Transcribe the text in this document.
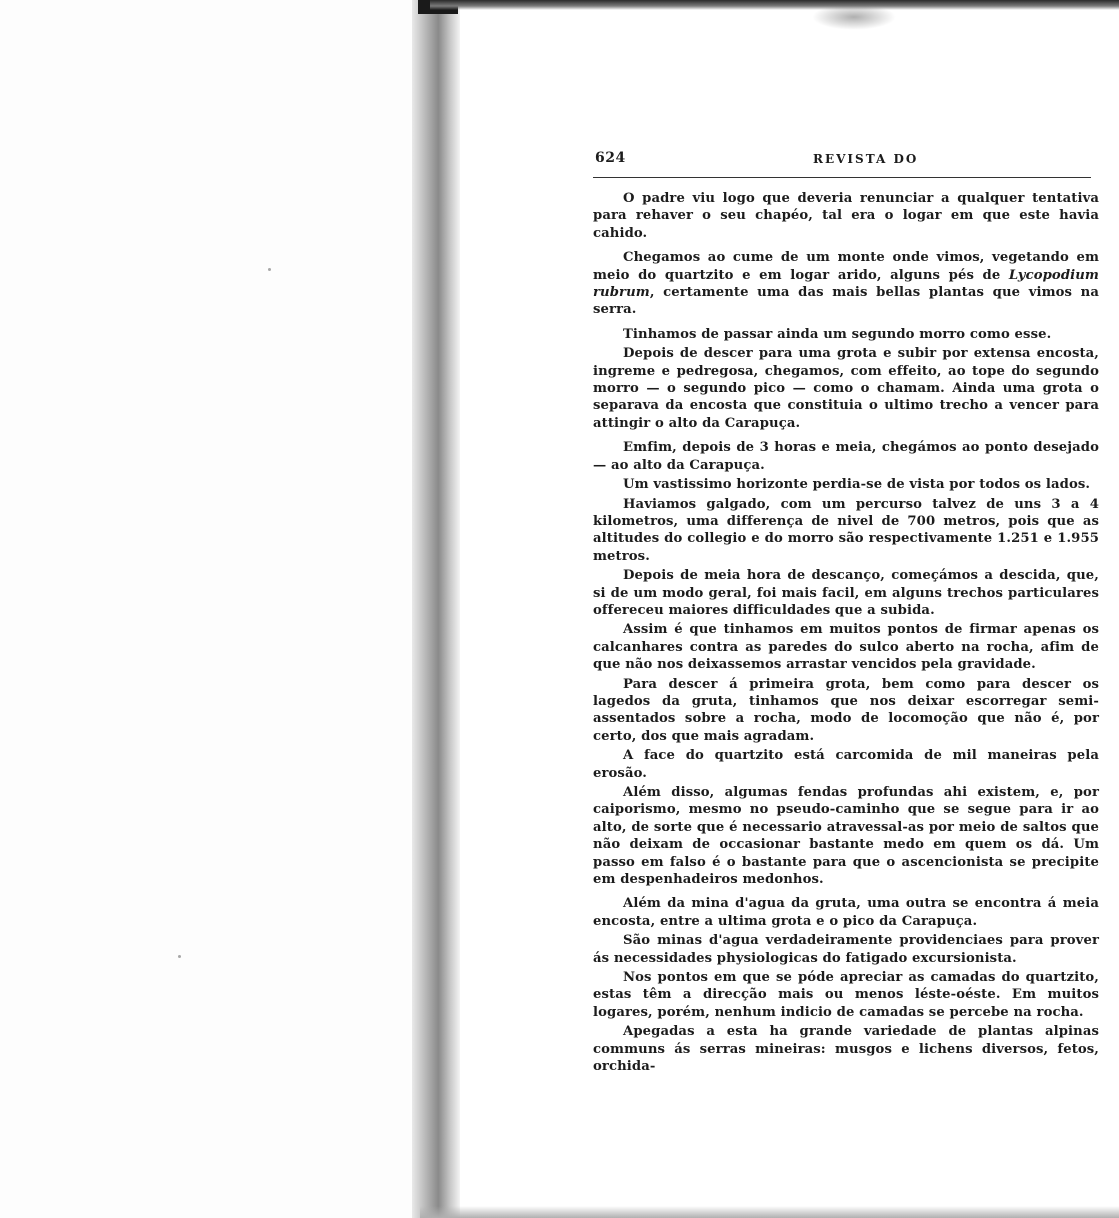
624	REVISTA DO

O padre viu logo que deveria renunciar a qualquer tentativa para rehaver o seu chapéo, tal era o logar em que este havia cahido.

Chegamos ao cume de um monte onde vimos, vegetando em meio do quartzito e em logar arido, alguns pés de Lycopodium rubrum, certamente uma das mais bellas plantas que vimos na serra.

Tinhamos de passar ainda um segundo morro como esse.

Depois de descer para uma grota e subir por extensa encosta, ingreme e pedregosa, chegamos, com effeito, ao tope do segundo morro — o segundo pico — como o chamam. Ainda uma grota o separava da encosta que constituia o ultimo trecho a vencer para attingir o alto da Carapuça.

Emfim, depois de 3 horas e meia, chegámos ao ponto desejado — ao alto da Carapuça.

Um vastissimo horizonte perdia-se de vista por todos os lados.

Haviamos galgado, com um percurso talvez de uns 3 a 4 kilometros, uma differença de nivel de 700 metros, pois que as altitudes do collegio e do morro são respectivamente 1.251 e 1.955 metros.

Depois de meia hora de descanço, começámos a descida, que, si de um modo geral, foi mais facil, em alguns trechos particulares offereceu maiores difficuldades que a subida.

Assim é que tinhamos em muitos pontos de firmar apenas os calcanhares contra as paredes do sulco aberto na rocha, afim de que não nos deixassemos arrastar vencidos pela gravidade.

Para descer á primeira grota, bem como para descer os lagedos da gruta, tinhamos que nos deixar escorregar semi-assentados sobre a rocha, modo de locomoção que não é, por certo, dos que mais agradam.

A face do quartzito está carcomida de mil maneiras pela erosão.

Além disso, algumas fendas profundas ahi existem, e, por caiporismo, mesmo no pseudo-caminho que se segue para ir ao alto, de sorte que é necessario atravessal-as por meio de saltos que não deixam de occasionar bastante medo em quem os dá. Um passo em falso é o bastante para que o ascencionista se precipite em despenhadeiros medonhos.

Além da mina d'agua da gruta, uma outra se encontra á meia encosta, entre a ultima grota e o pico da Carapuça.

São minas d'agua verdadeiramente providenciaes para prover ás necessidades physiologicas do fatigado excursionista.

Nos pontos em que se póde apreciar as camadas do quartzito, estas têm a direcção mais ou menos léste-oéste. Em muitos logares, porém, nenhum indicio de camadas se percebe na rocha.

Apegadas a esta ha grande variedade de plantas alpinas communs ás serras mineiras: musgos e lichens diversos, fetos, orchida-
